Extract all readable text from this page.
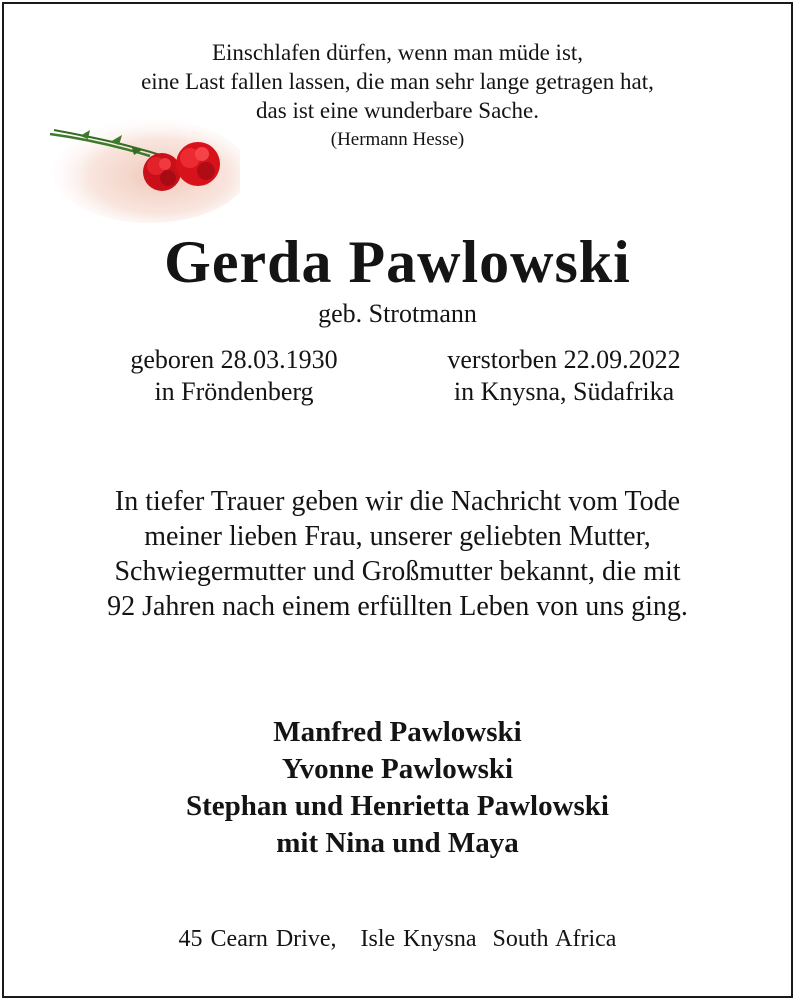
Einschlafen dürfen, wenn man müde ist,
eine Last fallen lassen, die man sehr lange getragen hat,
das ist eine wunderbare Sache.
(Hermann Hesse)
Gerda Pawlowski
geb. Strotmann
geboren 28.03.1930
in Fröndenberg
verstorben 22.09.2022
in Knysna, Südafrika
In tiefer Trauer geben wir die Nachricht vom Tode
meiner lieben Frau, unserer geliebten Mutter,
Schwiegermutter und Großmutter bekannt, die mit
92 Jahren nach einem erfüllten Leben von uns ging.
Manfred Pawlowski
Yvonne Pawlowski
Stephan und Henrietta Pawlowski
mit Nina und Maya
45 Cearn Drive,   Isle Knysna  South Africa
